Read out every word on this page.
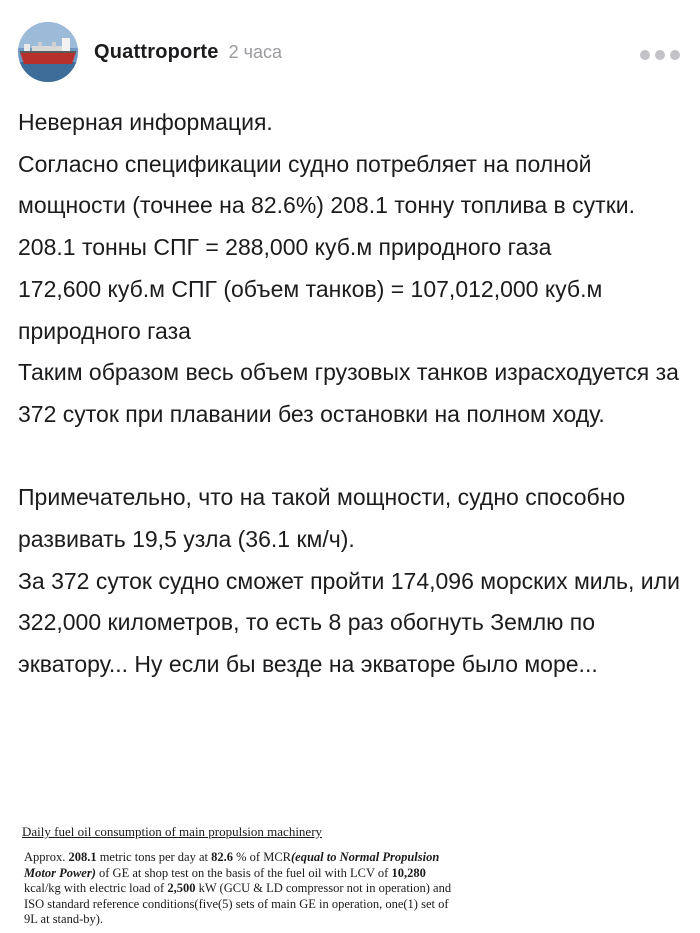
Quattroporte 2 часа

Неверная информация.

Согласно спецификации судно потребляет на полной мощности (точнее на 82.6%) 208.1 тонну топлива в сутки.

208.1 тонны СПГ = 288,000 куб.м природного газа

172,600 куб.м СПГ (объем танков) = 107,012,000 куб.м природного газа

Таким образом весь объем грузовых танков израсходуется за 372 суток при плавании без остановки на полном ходу.

Примечательно, что на такой мощности, судно способно развивать 19,5 узла (36.1 км/ч).

За 372 суток судно сможет пройти 174,096 морских миль, или 322,000 километров, то есть 8 раз обогнуть Землю по экватору... Ну если бы везде на экваторе было море...

Daily fuel oil consumption of main propulsion machinery

Approx. 208.1 metric tons per day at 82.6 % of MCR(equal to Normal Propulsion Motor Power) of GE at shop test on the basis of the fuel oil with LCV of 10,280 kcal/kg with electric load of 2,500 kW (GCU & LD compressor not in operation) and ISO standard reference conditions(five(5) sets of main GE in operation, one(1) set of 9L at stand-by).
